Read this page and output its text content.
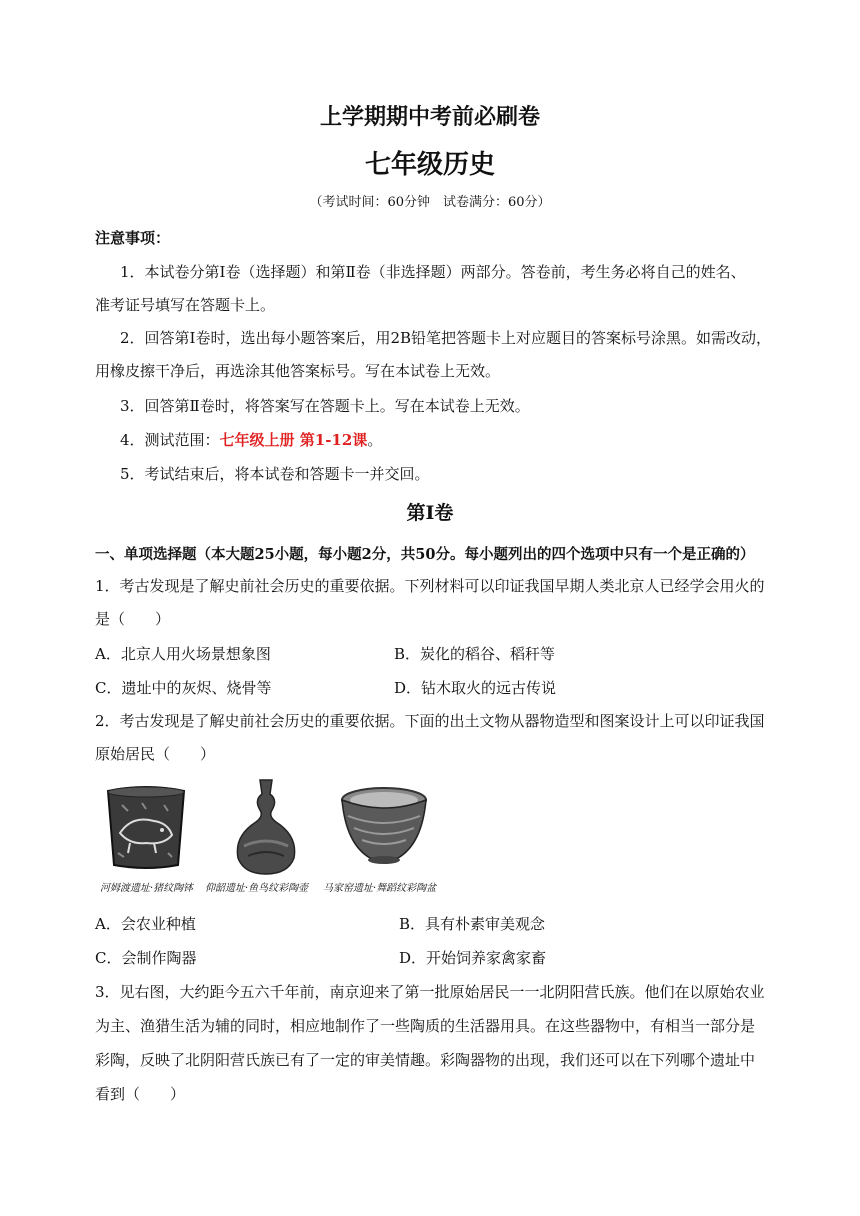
上学期期中考前必刷卷
七年级历史
（考试时间：60分钟　试卷满分：60分）
注意事项：
1．本试卷分第Ⅰ卷（选择题）和第Ⅱ卷（非选择题）两部分。答卷前，考生务必将自己的姓名、
准考证号填写在答题卡上。
2．回答第Ⅰ卷时，选出每小题答案后，用2B铅笔把答题卡上对应题目的答案标号涂黑。如需改动，
用橡皮擦干净后，再选涂其他答案标号。写在本试卷上无效。
3．回答第Ⅱ卷时，将答案写在答题卡上。写在本试卷上无效。
4．测试范围：七年级上册 第1-12课。
5．考试结束后，将本试卷和答题卡一并交回。
第Ⅰ卷
一、单项选择题（本大题25小题，每小题2分，共50分。每小题列出的四个选项中只有一个是正确的）
1．考古发现是了解史前社会历史的重要依据。下列材料可以印证我国早期人类北京人已经学会用火的
是（　　）
A．北京人用火场景想象图	B．炭化的稻谷、稻秆等
C．遗址中的灰烬、烧骨等	D．钻木取火的远古传说
2．考古发现是了解史前社会历史的重要依据。下面的出土文物从器物造型和图案设计上可以印证我国
原始居民（　　）
河姆渡遗址·猪纹陶钵 仰韶遗址·鱼鸟纹彩陶壶 马家窑遗址·舞蹈纹彩陶盆
A．会农业种植	B．具有朴素审美观念
C．会制作陶器	D．开始饲养家禽家畜
3．见右图，大约距今五六千年前，南京迎来了第一批原始居民一一北阴阳营氏族。他们在以原始农业
为主、渔猎生活为辅的同时，相应地制作了一些陶质的生活器用具。在这些器物中，有相当一部分是
彩陶，反映了北阴阳营氏族已有了一定的审美情趣。彩陶器物的出现，我们还可以在下列哪个遗址中
看到（　　）
